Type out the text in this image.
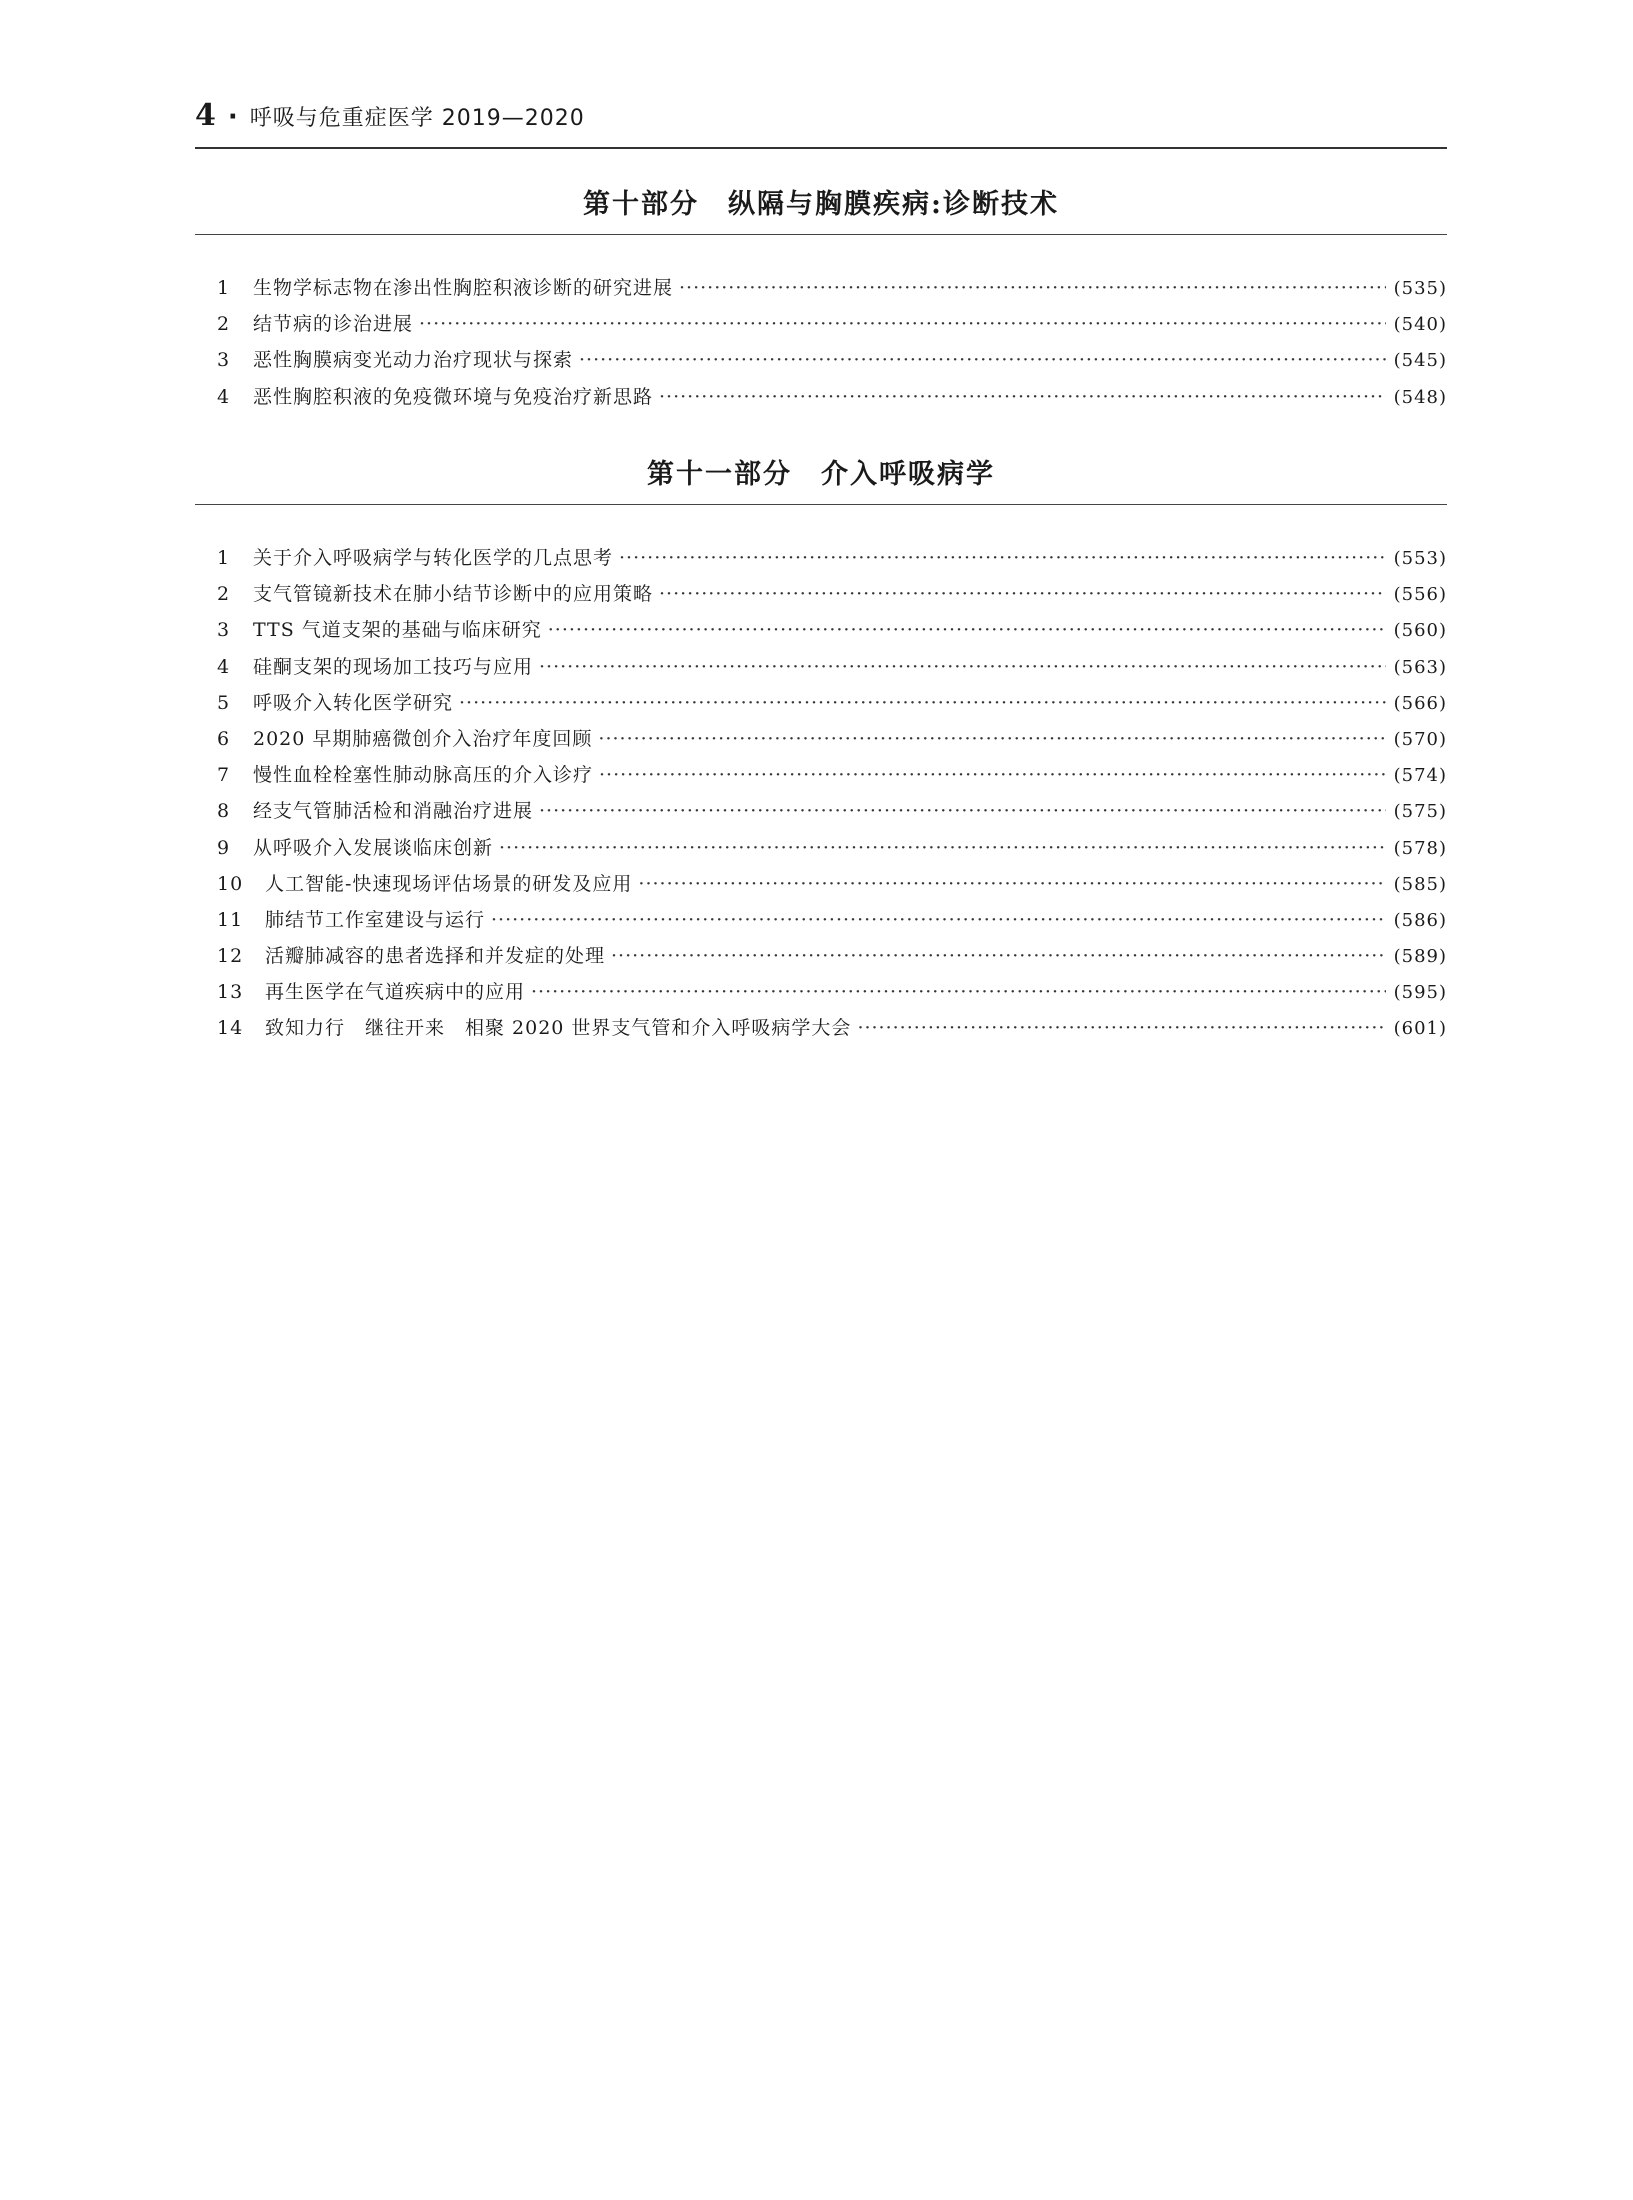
4 · 呼吸与危重症医学 2019—2020
第十部分　纵隔与胸膜疾病:诊断技术
1	生物学标志物在渗出性胸腔积液诊断的研究进展 ·····	(535)
2	结节病的诊治进展 ·····	(540)
3	恶性胸膜病变光动力治疗现状与探索 ·····	(545)
4	恶性胸腔积液的免疫微环境与免疫治疗新思路 ·····	(548)
第十一部分　介入呼吸病学
1	关于介入呼吸病学与转化医学的几点思考 ·····	(553)
2	支气管镜新技术在肺小结节诊断中的应用策略 ·····	(556)
3	TTS 气道支架的基础与临床研究 ·····	(560)
4	硅酮支架的现场加工技巧与应用 ·····	(563)
5	呼吸介入转化医学研究 ·····	(566)
6	2020 早期肺癌微创介入治疗年度回顾 ·····	(570)
7	慢性血栓栓塞性肺动脉高压的介入诊疗 ·····	(574)
8	经支气管肺活检和消融治疗进展 ·····	(575)
9	从呼吸介入发展谈临床创新 ·····	(578)
10	人工智能-快速现场评估场景的研发及应用 ·····	(585)
11	肺结节工作室建设与运行 ·····	(586)
12	活瓣肺减容的患者选择和并发症的处理 ·····	(589)
13	再生医学在气道疾病中的应用 ·····	(595)
14	致知力行　继往开来　相聚 2020 世界支气管和介入呼吸病学大会 ·····	(601)
